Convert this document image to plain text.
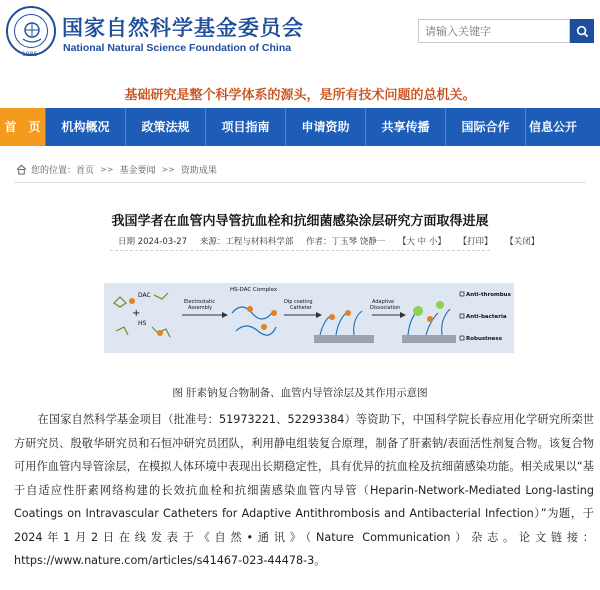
1986
国家自然科学基金委员会
National Natural Science Foundation of China
请输入关键字
基础研究是整个科学体系的源头，是所有技术问题的总机关。
首　页	机构概况	政策法规	项目指南	申请资助	共享传播	国际合作	信息公开
您的位置： 首页 >> 基金要闻 >> 资助成果
我国学者在血管内导管抗血栓和抗细菌感染涂层研究方面取得进展
日期 2024-03-27 来源：工程与材料科学部 作者：丁玉琴 饶静一 【大 中 小】 【打印】 【关闭】
DAC
HS
+
Electrostatic
Assembly
HS-DAC Complex
Dip coating
Catheter
Adaptive
Dissociation
Anti-thrombus
Anti-bacteria
Robustness
图 肝素钠复合物制备、血管内导管涂层及其作用示意图
在国家自然科学基金项目（批准号：51973221、52293384）等资助下，中国科学院长春应用化学研究所栾世方研究员、殷敬华研究员和石恒冲研究员团队，利用静电组装复合原理，制备了肝素钠/表面活性剂复合物。该复合物可用作血管内导管涂层，在模拟人体环境中表现出长期稳定性，具有优异的抗血栓及抗细菌感染功能。相关成果以“基于自适应性肝素网络构建的长效抗血栓和抗细菌感染血管内导管（Heparin-Network-Mediated Long-lasting Coatings on Intravascular Catheters for Adaptive Antithrombosis and Antibacterial Infection）”为题，于2024年1月2日在线发表于《自然•通讯》（Nature Communication）杂志。论文链接：https://www.nature.com/articles/s41467-023-44478-3。
